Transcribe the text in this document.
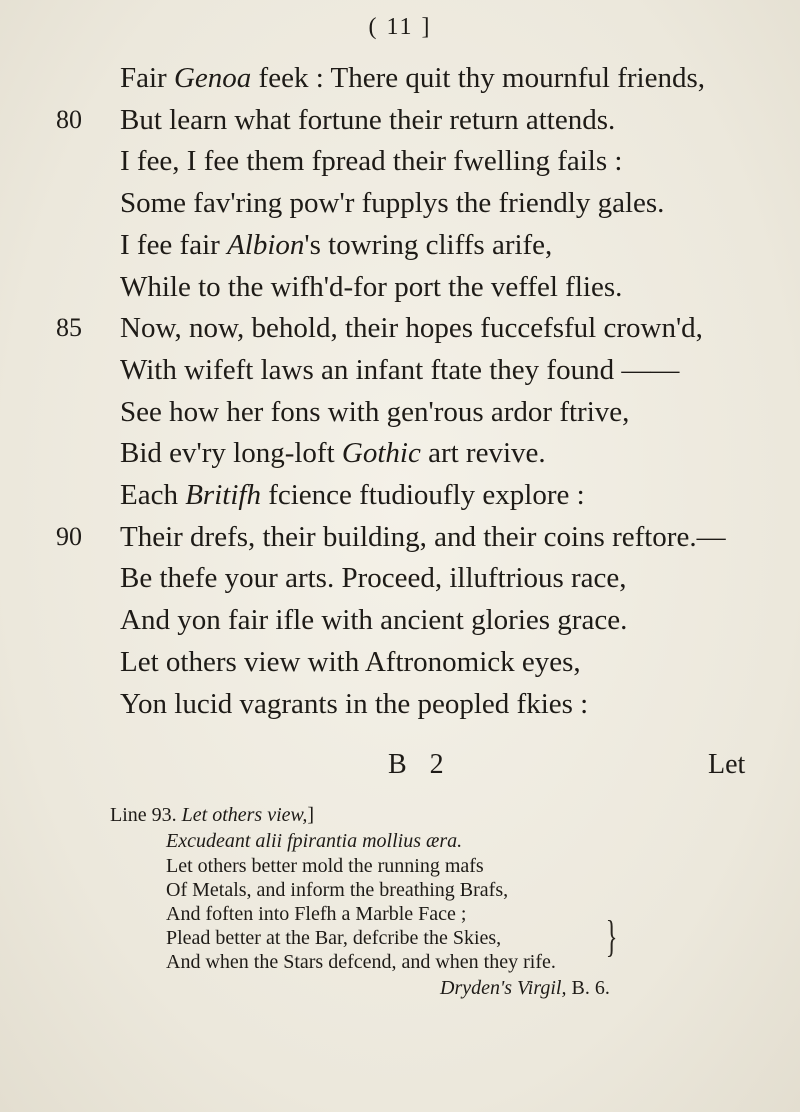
( 11 ]
Fair Genoa feek : There quit thy mournful friends,
80	But learn what fortune their return attends.
I fee, I fee them fpread their fwelling fails :
Some fav'ring pow'r fupplys the friendly gales.
I fee fair Albion's towring cliffs arife,
While to the wifh'd-for port the veffel flies.
85	Now, now, behold, their hopes fuccefsful crown'd,
With wifeft laws an infant ftate they found ——
See how her fons with gen'rous ardor ftrive,
Bid ev'ry long-loft Gothic art revive.
Each Britifh fcience ftudioufly explore :
90	Their drefs, their building, and their coins reftore.—
Be thefe your arts. Proceed, illuftrious race,
And yon fair ifle with ancient glories grace.
Let others view with Aftronomick eyes,
Yon lucid vagrants in the peopled fkies :
B 2	Let
Line 93. Let others view,]
Excudeant alii fpirantia mollius æra.
Let others better mold the running mafs
Of Metals, and inform the breathing Brafs,
And foften into Flefh a Marble Face ;
Plead better at the Bar, defcribe the Skies,
And when the Stars defcend, and when they rife.
Dryden's Virgil, B. 6.
}
